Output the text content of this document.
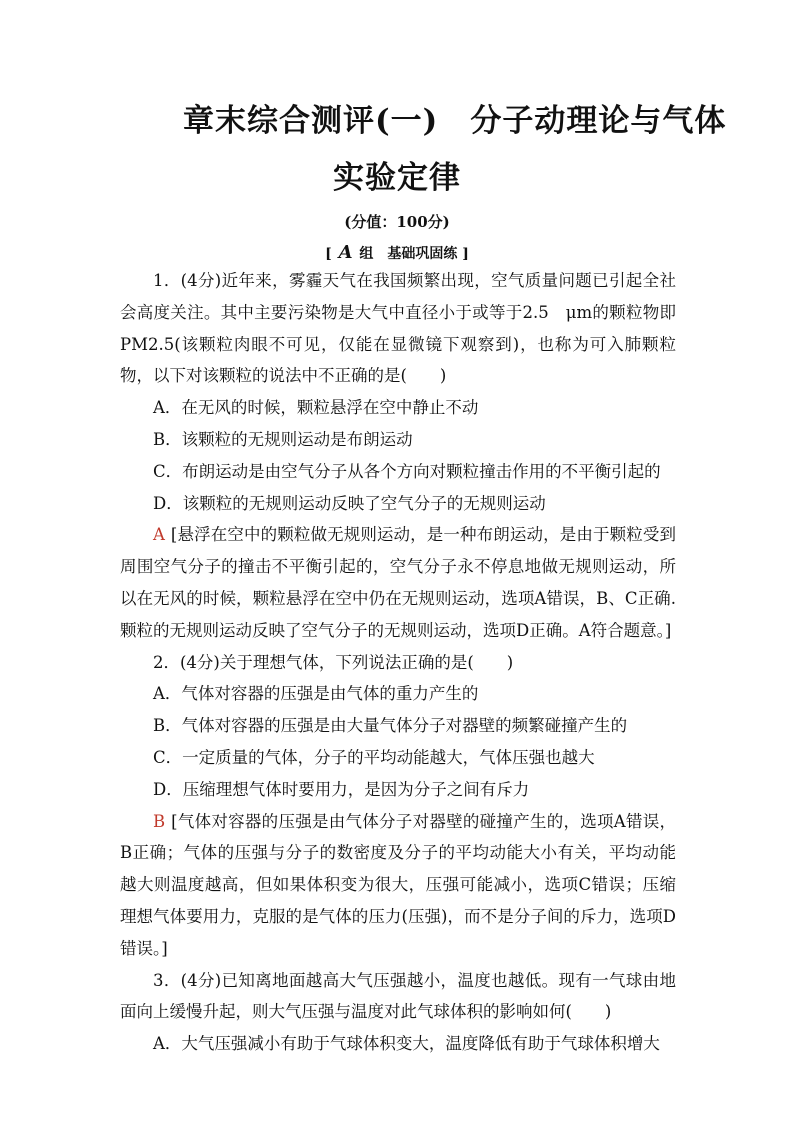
章末综合测评(一)　分子动理论与气体
实验定律
(分值：100分)
[ A 组　基础巩固练 ]

1．(4分)近年来，雾霾天气在我国频繁出现，空气质量问题已引起全社会高度关注。其中主要污染物是大气中直径小于或等于2.5　μm的颗粒物即PM2.5(该颗粒肉眼不可见，仅能在显微镜下观察到)，也称为可入肺颗粒物，以下对该颗粒的说法中不正确的是(　　)

A．在无风的时候，颗粒悬浮在空中静止不动

B．该颗粒的无规则运动是布朗运动

C．布朗运动是由空气分子从各个方向对颗粒撞击作用的不平衡引起的

D．该颗粒的无规则运动反映了空气分子的无规则运动

A [悬浮在空中的颗粒做无规则运动，是一种布朗运动，是由于颗粒受到周围空气分子的撞击不平衡引起的，空气分子永不停息地做无规则运动，所以在无风的时候，颗粒悬浮在空中仍在无规则运动，选项A错误，B、C正确.颗粒的无规则运动反映了空气分子的无规则运动，选项D正确。A符合题意。]

2．(4分)关于理想气体，下列说法正确的是(　　)

A．气体对容器的压强是由气体的重力产生的

B．气体对容器的压强是由大量气体分子对器壁的频繁碰撞产生的

C．一定质量的气体，分子的平均动能越大，气体压强也越大

D．压缩理想气体时要用力，是因为分子之间有斥力

B [气体对容器的压强是由气体分子对器壁的碰撞产生的，选项A错误，B正确；气体的压强与分子的数密度及分子的平均动能大小有关，平均动能越大则温度越高，但如果体积变为很大，压强可能减小，选项C错误；压缩理想气体要用力，克服的是气体的压力(压强)，而不是分子间的斥力，选项D错误。]

3．(4分)已知离地面越高大气压强越小，温度也越低。现有一气球由地面向上缓慢升起，则大气压强与温度对此气球体积的影响如何(　　)

A．大气压强减小有助于气球体积变大，温度降低有助于气球体积增大
